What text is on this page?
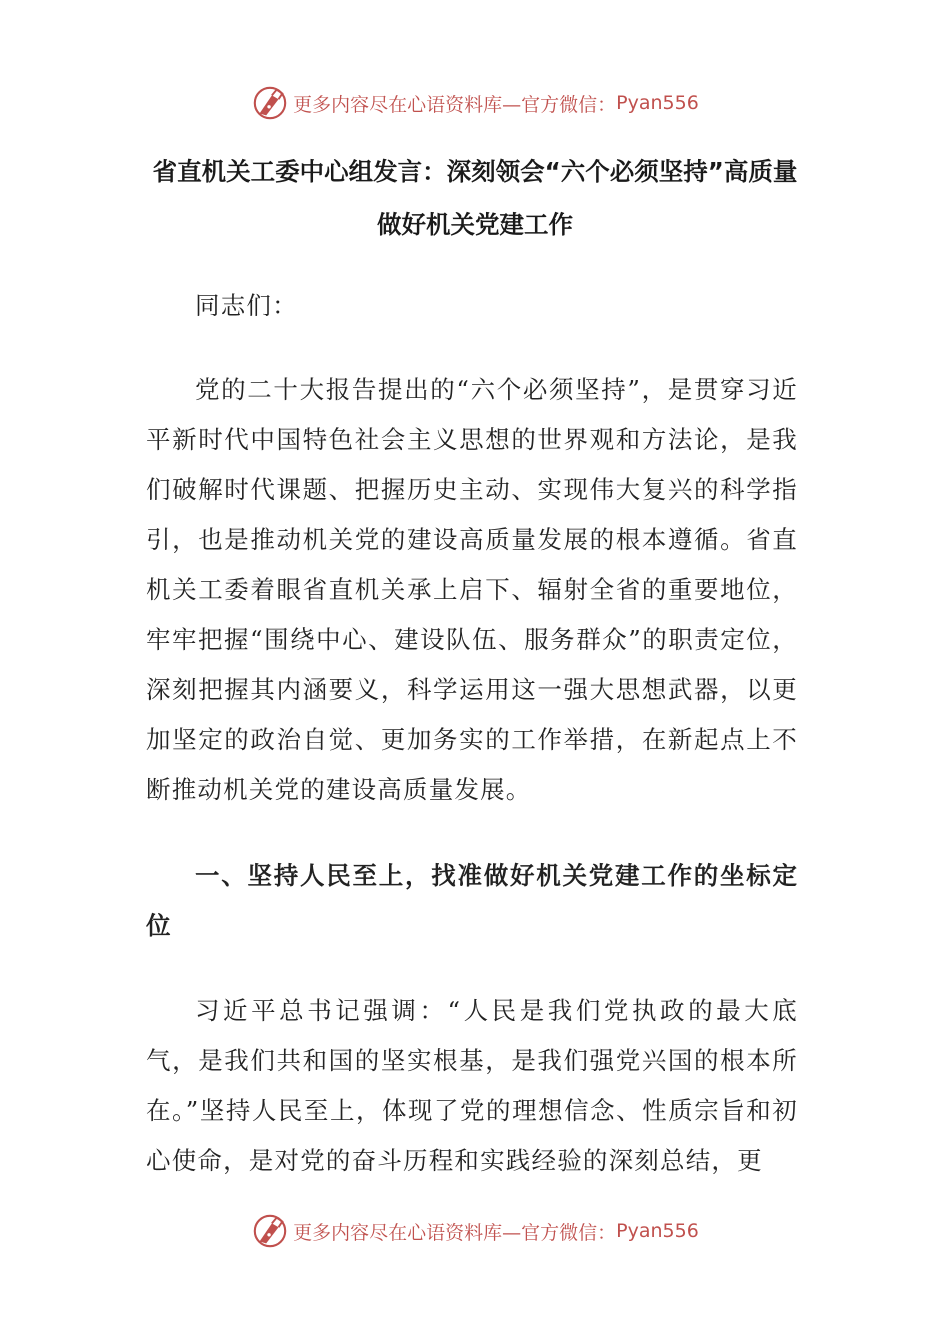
更多内容尽在心语资料库—官方微信： Pyan556
省直机关工委中心组发言：深刻领会“六个必须坚持”高质量做好机关党建工作

同志们：

党的二十大报告提出的“六个必须坚持”，是贯穿习近平新时代中国特色社会主义思想的世界观和方法论，是我们破解时代课题、把握历史主动、实现伟大复兴的科学指引，也是推动机关党的建设高质量发展的根本遵循。省直机关工委着眼省直机关承上启下、辐射全省的重要地位，牢牢把握“围绕中心、建设队伍、服务群众”的职责定位，深刻把握其内涵要义，科学运用这一强大思想武器，以更加坚定的政治自觉、更加务实的工作举措，在新起点上不断推动机关党的建设高质量发展。

一、坚持人民至上，找准做好机关党建工作的坐标定位

习近平总书记强调：“人民是我们党执政的最大底气，是我们共和国的坚实根基，是我们强党兴国的根本所在。”坚持人民至上，体现了党的理想信念、性质宗旨和初心使命，是对党的奋斗历程和实践经验的深刻总结，更

更多内容尽在心语资料库—官方微信： Pyan556
